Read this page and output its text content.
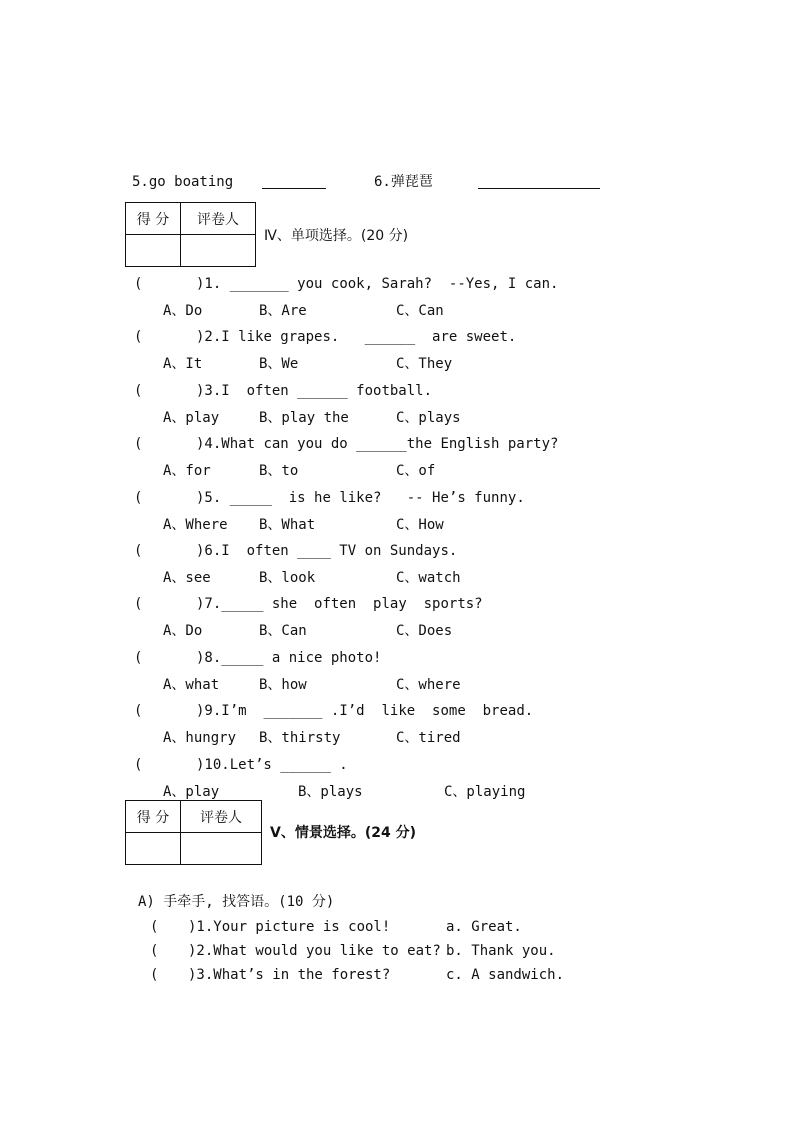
5.go boating	6.弹琵琶
得 分	评卷人

Ⅳ、单项选择。(20 分)
(	)1. _______ you cook, Sarah?  --Yes, I can.
A、Do	B、Are	C、Can
(	)2.I like grapes.   ______  are sweet.
A、It	B、We	C、They
(	)3.I  often ______ football.
A、play	B、play the	C、plays
(	)4.What can you do ______the English party?
A、for	B、to	C、of
(	)5. _____  is he like?   -- He’s funny.
A、Where B、What	C、How
(	)6.I  often ____ TV on Sundays.
A、see	B、look	C、watch
(	)7._____ she  often  play  sports?
A、Do	B、Can	C、Does
(	)8._____ a nice photo!
A、what	B、how	C、where
(	)9.I’m  _______ .I’d  like  some  bread.
A、hungry B、thirsty	C、tired
(	)10.Let’s ______ .
A、play	B、plays	C、playing
得 分	评卷人

Ⅴ、情景选择。(24 分)
A) 手牵手, 找答语。(10 分)
( )1.Your picture is cool!	a. Great.
( )2.What would you like to eat? b. Thank you.
( )3.What’s in the forest?	c. A sandwich.
